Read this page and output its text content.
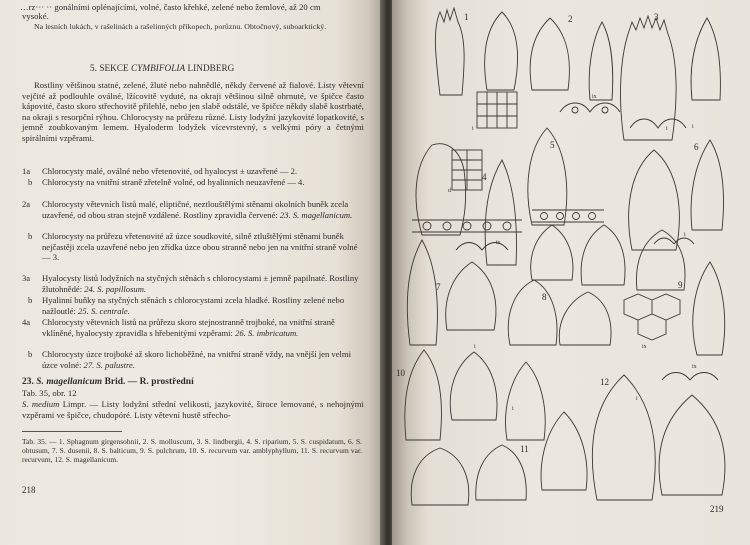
…rz··· ·· gonálními oplénajícími, volné, často křehké, zelené nebo žemlové, až 20 cm
vysoké.
Na lesních lukách, v rašelinách a rašelinných příkopech, porůznu. Obtočnový, suboarktický.
5. SEKCE CYMBIFOLIA LINDBERG
Rostliny většinou statné, zelené, žluté nebo nahnědlé, někdy červené až fialové. Listy větevní vejčité až podlouhle oválné, lžícovitě vyduté, na okraji většinou silně ohrnuté, ve špičce často kápovité, často skoro střechovitě přilehlé, nebo jen slabě odstálé, ve špičce někdy slabě kostrbaté, na okraji s resorpční rýhou. Chlorocysty na průřezu různé. Listy lodyžní jazykovité lopatkovité, s jemně zoubkovaným lemem. Hyaloderm lodyžek vícevrstevný, s velkými póry a četnými spirálními vzpěrami.
1a Chlorocysty malé, oválné nebo vřetenovité, od hyalocyst ± uzavřené — 2.
b Chlorocysty na vnitřní straně zřetelně volné, od hyalinních neuzavřené — 4.
2a Chlorocysty větevních listů malé, eliptičné, neztlouštělými stěnami okolních buněk zcela uzavřené, od obou stran stejně vzdálené. Rostliny zpravidla červené: 23. S. magellanicum.
b Chlorocysty na průřezu vřetenovité až úzce soudkovité, silně ztluštělými stěnami buněk nejčastěji zcela uzavřené nebo jen zřídka úzce obou stranně nebo jen na vnitřní straně volné — 3.
3a Hyalocysty listů lodyžních na styčných stěnách s chlorocystami ± jemně papilnaté. Rostliny žlutohnědé: 24. S. papillosum.
b Hyalinní buňky na styčných stěnách s chlorocystami zcela hladké. Rostliny zelené nebo nažloutlé: 25. S. centrale.
4a Chlorocysty větevních listů na průřezu skoro stejnostranně trojboké, na vnitřní straně vklíněné, hyalocysty zpravidla s hřebenitými vzpěrami: 26. S. imbricatum.
b Chlorocysty úzce trojboké až skoro lichoběžné, na vnitřní straně vždy, na vnější jen velmi úzce volné: 27. S. palustre.
23. S. magellanicum Brid. — R. prostřední
Tab. 35, obr. 12
S. medium Limpr. — Listy lodyžní střední velikosti, jazykovité, široce lemované, s nehojnými vzpěrami ve špičce, chudopóré. Listy větevní hustě střecho-
Tab. 35. — 1. Sphagnum girgensohnii, 2. S. molluscum, 3. S. lindbergii, 4. S. riparium, 5. S. cuspidatum, 6. S. obtusum, 7. S. dusenii, 8. S. balticum, 9. S. pulchrum, 10. S. recurvum var. amblyphyllum, 11. S. recurvum var. recurvum, 12. S. magellanicum.
218
1
i
2
ix
3
i	i
4
5
d
6
7
ix
8
9
ix
i
10
i
11
i
12
i
ix
219
